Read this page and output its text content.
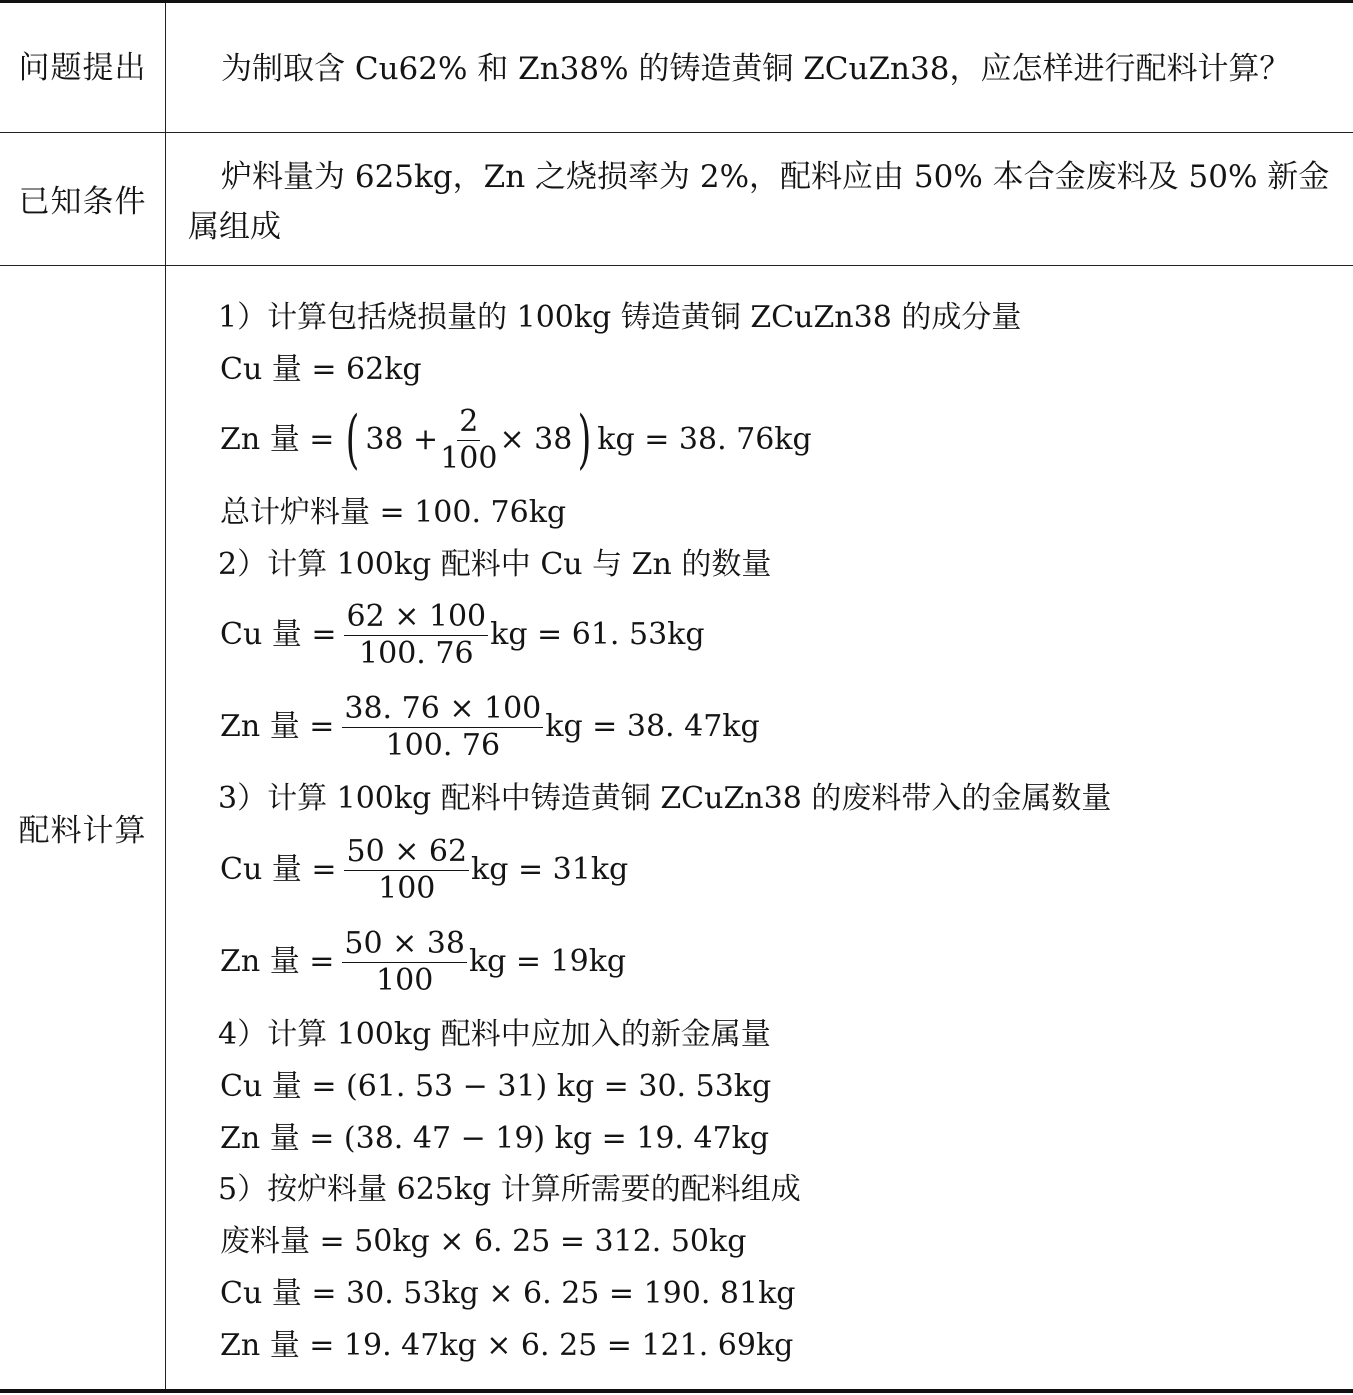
问题提出	为制取含 Cu62% 和 Zn38% 的铸造黄铜 ZCuZn38，应怎样进行配料计算？
已知条件
炉料量为 625kg，Zn 之烧损率为 2%，配料应由 50% 本合金废料及 50% 新金属组成
配料计算
1）计算包括烧损量的 100kg 铸造黄铜 ZCuZn38 的成分量
Cu 量 = 62kg
Zn 量 = ( $38 + \frac{2}{100} \times 38$ ) kg = 38. 76kg
总计炉料量 = 100. 76kg
2）计算 100kg 配料中 Cu 与 Zn 的数量
Cu 量 = $\frac{62 \times 100}{100. 76}$ kg = 61. 53kg
Zn 量 = $\frac{38. 76 \times 100}{100. 76}$ kg = 38. 47kg
3）计算 100kg 配料中铸造黄铜 ZCuZn38 的废料带入的金属数量
Cu 量 = $\frac{50 \times 62}{100}$ kg = 31kg
Zn 量 = $\frac{50 \times 38}{100}$ kg = 19kg
4）计算 100kg 配料中应加入的新金属量
Cu 量 = (61. 53 − 31) kg = 30. 53kg
Zn 量 = (38. 47 − 19) kg = 19. 47kg
5）按炉料量 625kg 计算所需要的配料组成
废料量 = 50kg × 6. 25 = 312. 50kg
Cu 量 = 30. 53kg × 6. 25 = 190. 81kg
Zn 量 = 19. 47kg × 6. 25 = 121. 69kg
